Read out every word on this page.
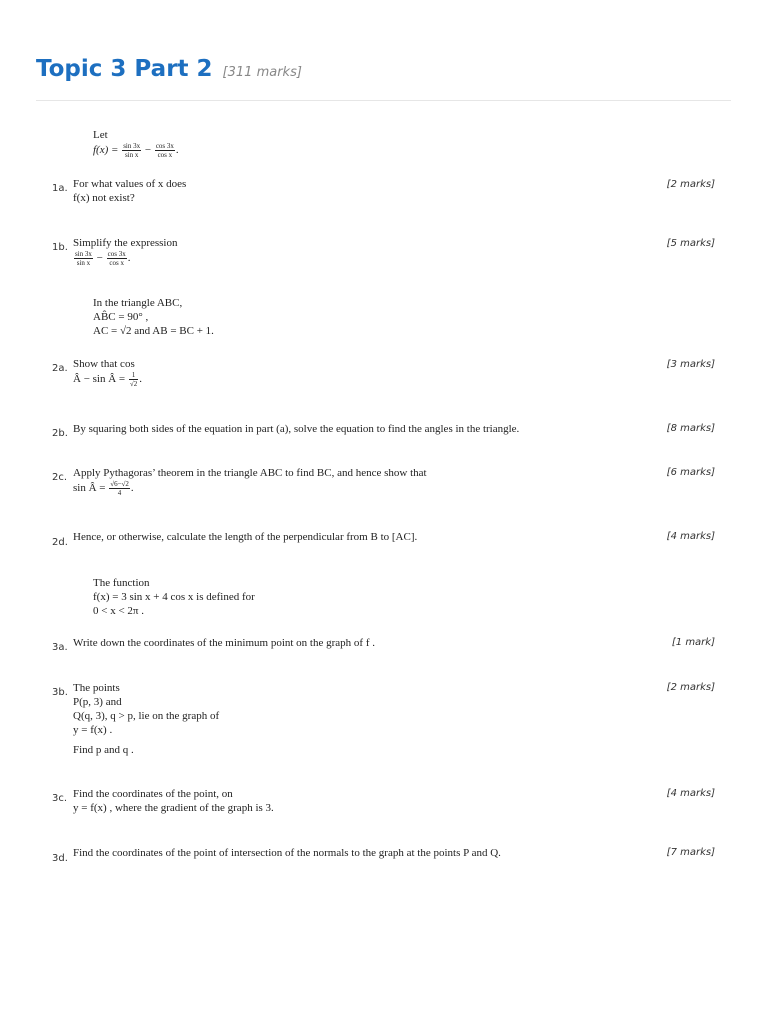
Topic 3 Part 2 [311 marks]
Let
$f(x) = \frac{\sin 3x}{\text{sin x}} - \frac{\cos 3x}{\text{cos x}}$ .
1a. For what values of x does
f(x) not exist?
[2 marks]
1b. Simplify the expression
$\frac{\sin 3x}{\text{sin x}} - \frac{\cos 3x}{\text{cos x}}$ .
[5 marks]
In the triangle ABC,
AB̂C = 90° ,
AC = √2 and AB = BC + 1.
2a. Show that cos
Â − sin Â = $\frac{1}{√2}$ .
[3 marks]
2b. By squaring both sides of the equation in part (a), solve the equation to find the angles in the triangle.	[8 marks]
2c. Apply Pythagoras’ theorem in the triangle ABC to find BC, and hence show that
sin Â = $\frac{√6-√2}{4}$ .
[6 marks]
2d. Hence, or otherwise, calculate the length of the perpendicular from B to [AC].	[4 marks]
The function
f(x) = 3 sin x + 4 cos x is defined for
0 < x < 2π .
3a. Write down the coordinates of the minimum point on the graph of f .	[1 mark]
3b. The points
P(p, 3) and
Q(q, 3), q > p, lie on the graph of
y = f(x) .
Find p and q .
[2 marks]
3c. Find the coordinates of the point, on
y = f(x) , where the gradient of the graph is 3.
[4 marks]
3d. Find the coordinates of the point of intersection of the normals to the graph at the points P and Q.	[7 marks]
